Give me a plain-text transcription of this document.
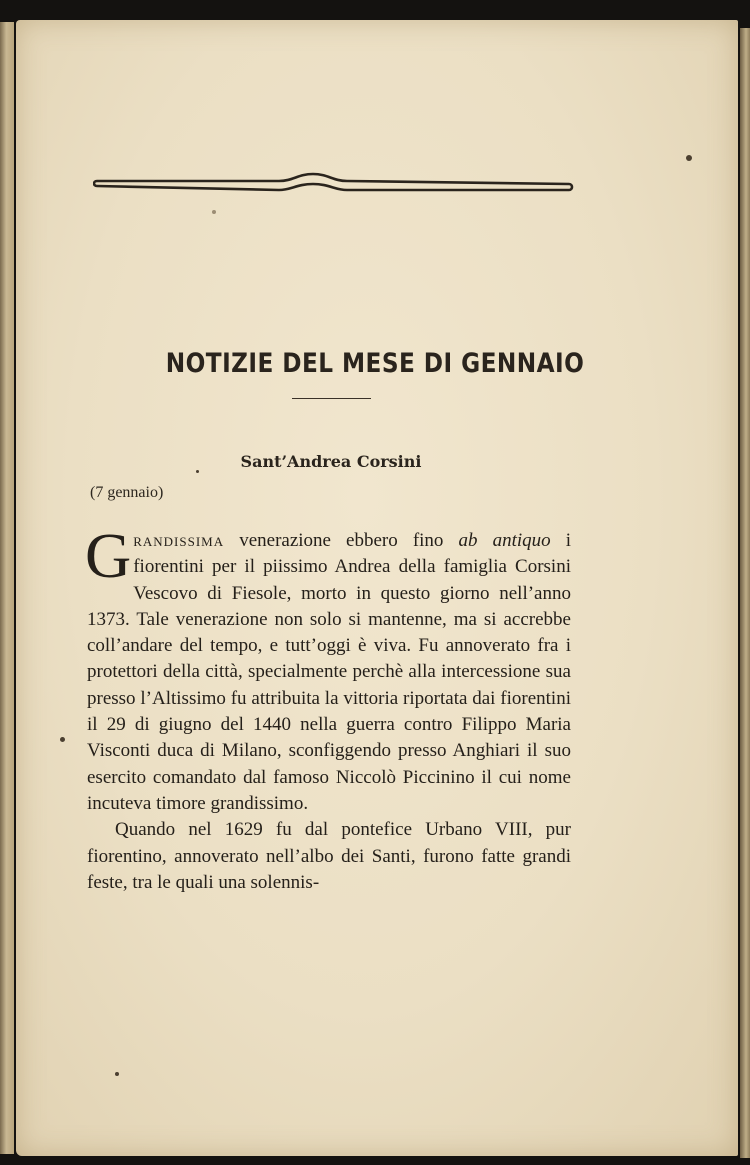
NOTIZIE DEL MESE DI GENNAIO
Sant’Andrea Corsini
(7 gennaio)

Grandissima venerazione ebbero fino ab antiquo i fiorentini per il piissimo Andrea della famiglia Corsini Vescovo di Fiesole, morto in questo giorno nell’anno 1373. Tale venerazione non solo si mantenne, ma si accrebbe coll’andare del tempo, e tutt’oggi è viva. Fu annoverato fra i protettori della città, specialmente perchè alla intercessione sua presso l’Altissimo fu attribuita la vittoria riportata dai fiorentini il 29 di giugno del 1440 nella guerra contro Filippo Maria Visconti duca di Milano, sconfiggendo presso Anghiari il suo esercito comandato dal famoso Niccolò Piccinino il cui nome incuteva timore grandissimo.

Quando nel 1629 fu dal pontefice Urbano VIII, pur fiorentino, annoverato nell’albo dei Santi, furono fatte grandi feste, tra le quali una solennis-
